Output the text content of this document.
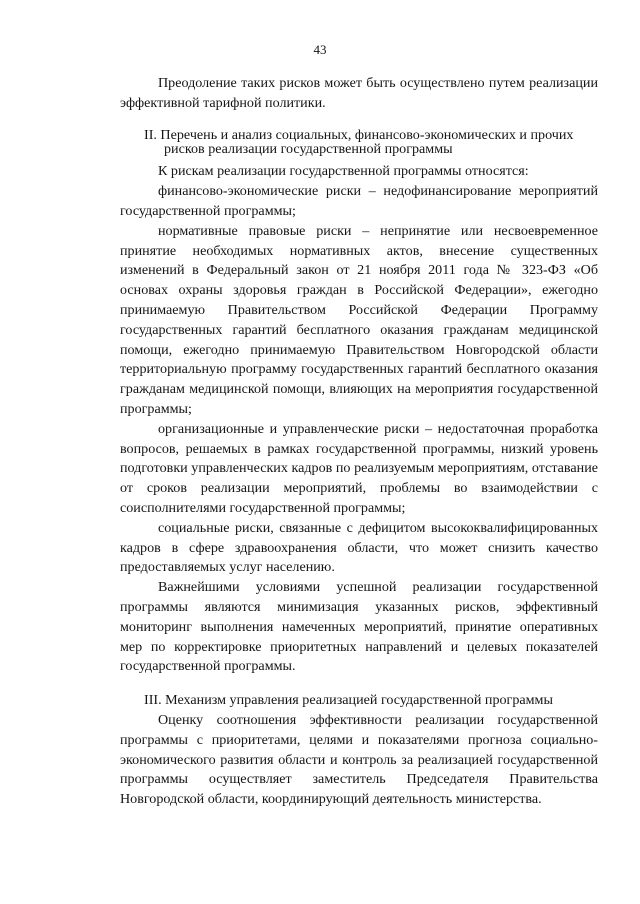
43

Преодоление таких рисков может быть осуществлено путем реализации эффективной тарифной политики.

II. Перечень и анализ социальных, финансово-экономических и прочих
рисков реализации государственной программы

К рискам реализации государственной программы относятся:

финансово-экономические риски – недофинансирование мероприятий государственной программы;

нормативные правовые риски – непринятие или несвоевременное принятие необходимых нормативных актов, внесение существенных изменений в Федеральный закон от 21 ноября 2011 года № 323-ФЗ «Об основах охраны здоровья граждан в Российской Федерации», ежегодно принимаемую Правительством Российской Федерации Программу государственных гарантий бесплатного оказания гражданам медицинской помощи, ежегодно принимаемую Правительством Новгородской области территориальную программу государственных гарантий бесплатного оказания гражданам медицинской помощи, влияющих на мероприятия государственной программы;

организационные и управленческие риски – недостаточная проработка вопросов, решаемых в рамках государственной программы, низкий уровень подготовки управленческих кадров по реализуемым мероприятиям, отставание от сроков реализации мероприятий, проблемы во взаимодействии с соисполнителями государственной программы;

социальные риски, связанные с дефицитом высококвалифицированных кадров в сфере здравоохранения области, что может снизить качество предоставляемых услуг населению.

Важнейшими условиями успешной реализации государственной программы являются минимизация указанных рисков, эффективный мониторинг выполнения намеченных мероприятий, принятие оперативных мер по корректировке приоритетных направлений и целевых показателей государственной программы.

III. Механизм управления реализацией государственной программы

Оценку соотношения эффективности реализации государственной программы с приоритетами, целями и показателями прогноза социально-экономического развития области и контроль за реализацией государственной программы осуществляет заместитель Председателя Правительства Новгородской области, координирующий деятельность министерства.
